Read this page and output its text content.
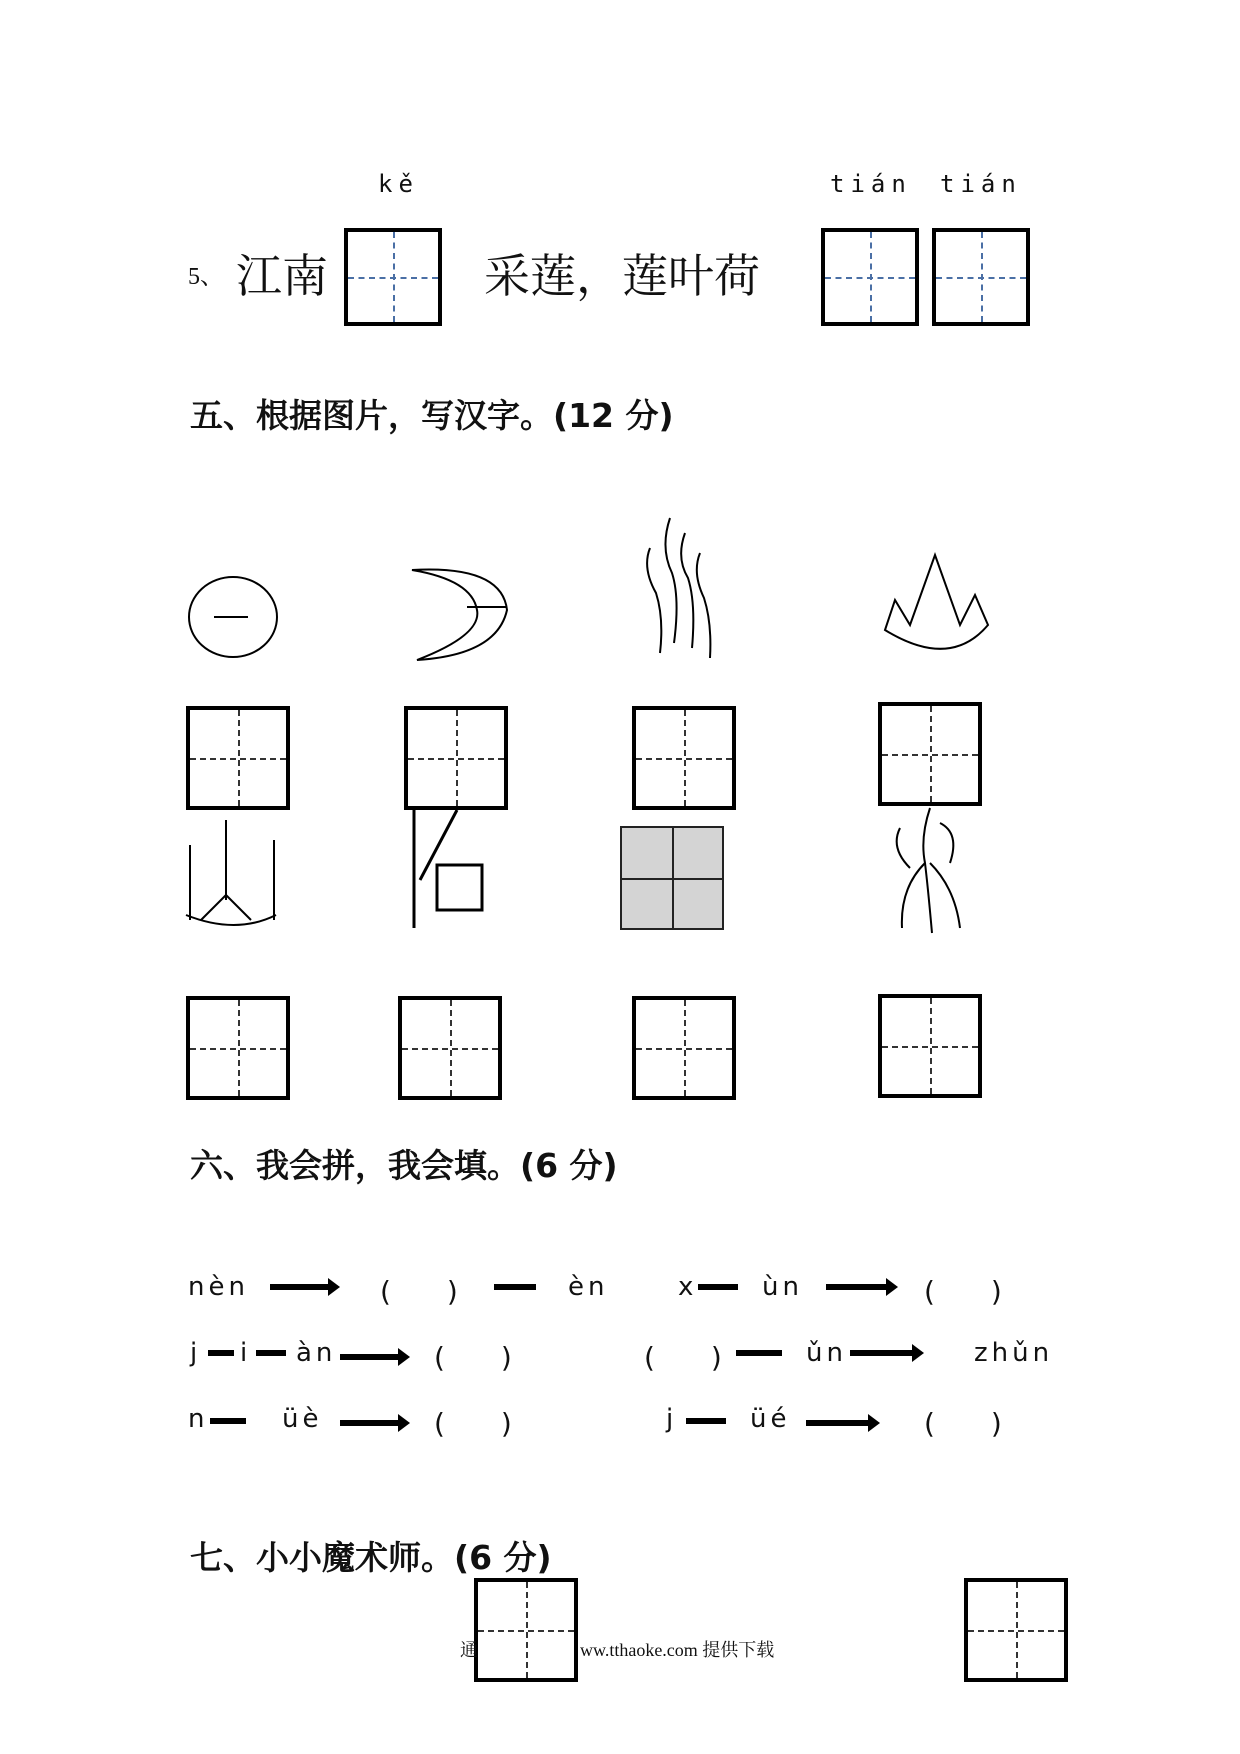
kě	tián tián
5、 江南	采莲，莲叶荷
五、根据图片，写汉字。(12 分)
六、我会拼，我会填。(6 分)
nèn	(　　)	èn	x ùn	(　　)
j i àn	(　　)	(　　)	ǔn	zhǔn
n	üè	(　　)	j	üé	(　　)
七、小小魔术师。(6 分)
通	ww.tthaoke.com 提供下载
